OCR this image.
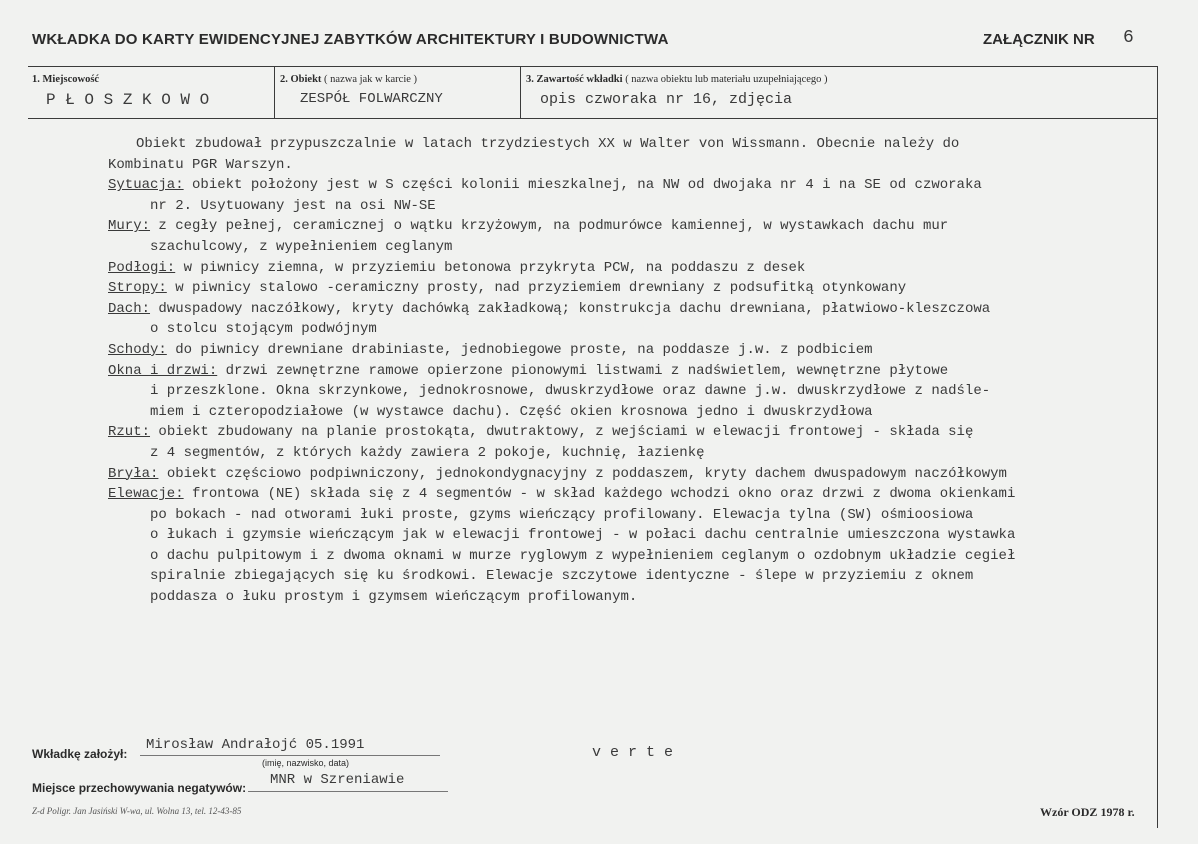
WKŁADKA DO KARTY EWIDENCYJNEJ ZABYTKÓW ARCHITEKTURY I BUDOWNICTWA	ZAŁĄCZNIK NR 6
1. Miejscowość
P Ł O S Z K O W O
2. Obiekt ( nazwa jak w karcie )
ZESPÓŁ FOLWARCZNY
3. Zawartość wkładki ( nazwa obiektu lub materiału uzupełniającego )
opis czworaka nr 16, zdjęcia
Obiekt zbudował przypuszczalnie w latach trzydziestych XX w Walter von Wissmann. Obecnie należy do
Kombinatu PGR Warszyn.
Sytuacja: obiekt położony jest w S części kolonii mieszkalnej, na NW od dwojaka nr 4 i na SE od czworaka
nr 2. Usytuowany jest na osi NW-SE
Mury: z cegły pełnej, ceramicznej o wątku krzyżowym, na podmurówce kamiennej, w wystawkach dachu mur
szachulcowy, z wypełnieniem ceglanym
Podłogi: w piwnicy ziemna, w przyziemiu betonowa przykryta PCW, na poddaszu z desek
Stropy: w piwnicy stalowo -ceramiczny prosty, nad przyziemiem drewniany z podsufitką otynkowany
Dach: dwuspadowy naczółkowy, kryty dachówką zakładkową; konstrukcja dachu drewniana, płatwiowo-kleszczowa
o stolcu stojącym podwójnym
Schody: do piwnicy drewniane drabiniaste, jednobiegowe proste, na poddasze j.w. z podbiciem
Okna i drzwi: drzwi zewnętrzne ramowe opierzone pionowymi listwami z nadświetlem, wewnętrzne płytowe
i przeszklone. Okna skrzynkowe, jednokrosnowe, dwuskrzydłowe oraz dawne j.w. dwuskrzydłowe z nadśle-
miem i czteropodziałowe (w wystawce dachu). Część okien krosnowa jedno i dwuskrzydłowa
Rzut: obiekt zbudowany na planie prostokąta, dwutraktowy, z wejściami w elewacji frontowej - składa się
z 4 segmentów, z których każdy zawiera 2 pokoje, kuchnię, łazienkę
Bryła: obiekt częściowo podpiwniczony, jednokondygnacyjny z poddaszem, kryty dachem dwuspadowym naczółkowym
Elewacje: frontowa (NE) składa się z 4 segmentów - w skład każdego wchodzi okno oraz drzwi z dwoma okienkami
po bokach - nad otworami łuki proste, gzyms wieńczący profilowany. Elewacja tylna (SW) ośmioosiowa
o łukach i gzymsie wieńczącym jak w elewacji frontowej - w połaci dachu centralnie umieszczona wystawka
o dachu pulpitowym i z dwoma oknami w murze ryglowym z wypełnieniem ceglanym o ozdobnym układzie cegieł
spiralnie zbiegających się ku środkowi. Elewacje szczytowe identyczne - ślepe w przyziemiu z oknem
poddasza o łuku prostym i gzymsem wieńczącym profilowanym.
Wkładkę założył:
Mirosław Andrałojć 05.1991
(imię, nazwisko, data)
v e r t e
Miejsce przechowywania negatywów: MNR w Szreniawie
Z-d Poligr. Jan Jasiński W-wa, ul. Wolna 13, tel. 12-43-85	Wzór ODZ 1978 r.
